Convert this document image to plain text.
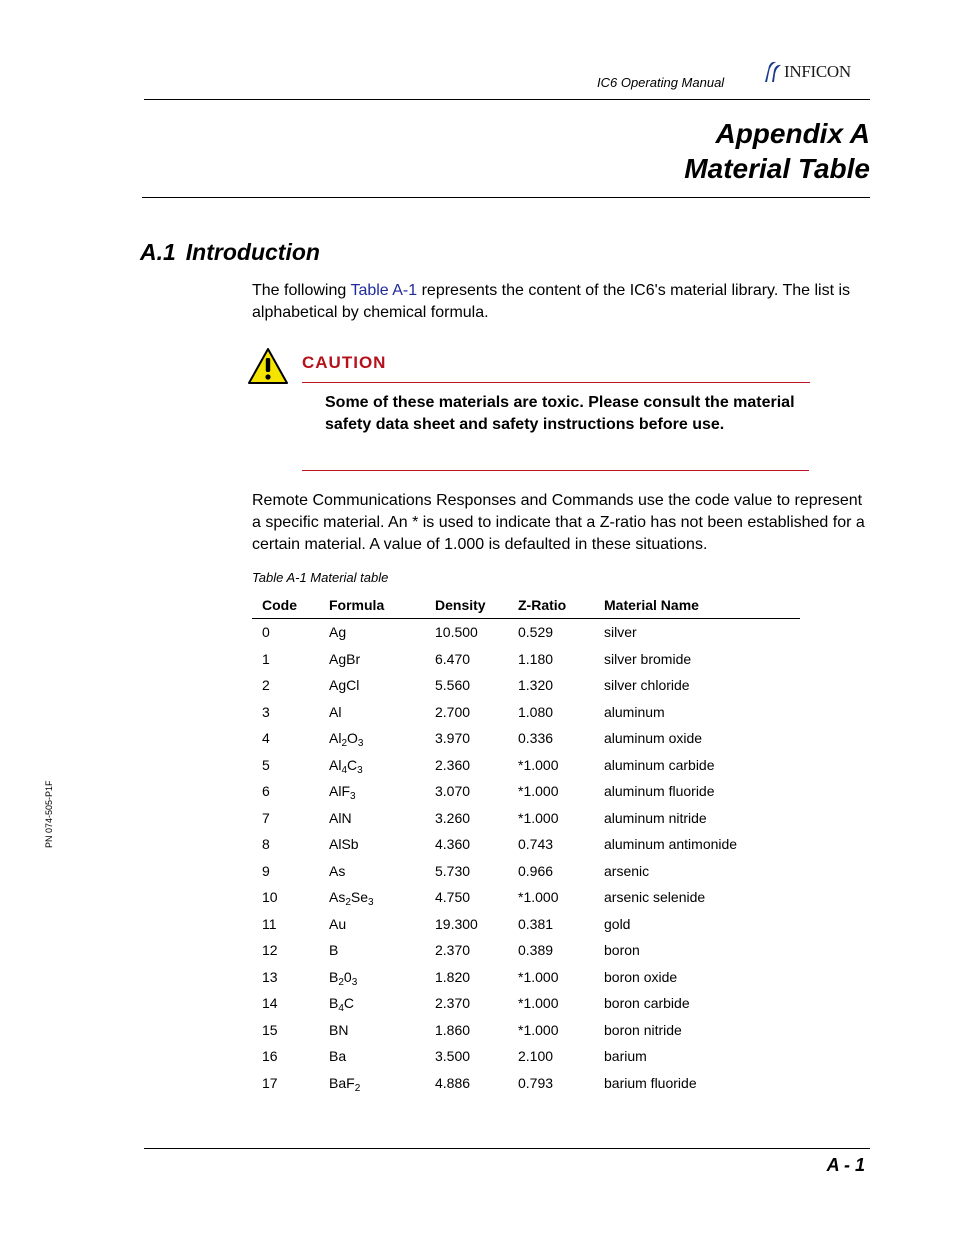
IC6 Operating Manual
INFICON
Appendix A
Material Table
A.1 Introduction
The following Table A-1 represents the content of the IC6's material library. The list is alphabetical by chemical formula.
CAUTION
Some of these materials are toxic. Please consult the material safety data sheet and safety instructions before use.
Remote Communications Responses and Commands use the code value to represent a specific material. An * is used to indicate that a Z-ratio has not been established for a certain material. A value of 1.000 is defaulted in these situations.
Table A-1 Material table
Code	Formula	Density	Z-Ratio	Material Name
0	Ag	10.500	0.529	silver
1	AgBr	6.470	1.180	silver bromide
2	AgCl	5.560	1.320	silver chloride
3	Al	2.700	1.080	aluminum
4	$Al_2O_3$	3.970	0.336	aluminum oxide
5	$Al_4C_3$	2.360	*1.000	aluminum carbide
6	AlF$_3$	3.070	*1.000	aluminum fluoride
7	AlN	3.260	*1.000	aluminum nitride
8	AlSb	4.360	0.743	aluminum antimonide
9	As	5.730	0.966	arsenic
10	$As_2Se_3$	4.750	*1.000	arsenic selenide
11	Au	19.300	0.381	gold
12	B	2.370	0.389	boron
13	$B_20_3$	1.820	*1.000	boron oxide
14	$B_4C$	2.370	*1.000	boron carbide
15	BN	1.860	*1.000	boron nitride
16	Ba	3.500	2.100	barium
17	BaF$_2$	4.886	0.793	barium fluoride
PN 074-505-P1F
A - 1
